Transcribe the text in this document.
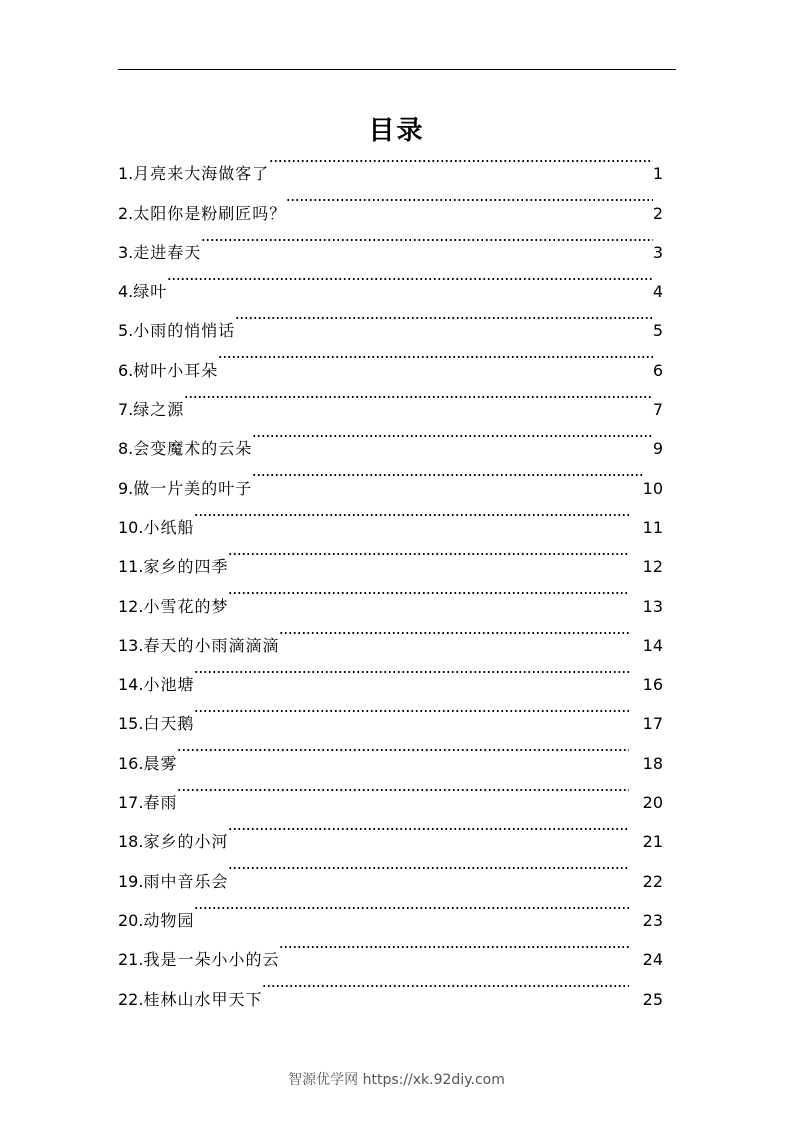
目录
1. 月亮来大海做客了	1
2. 太阳你是粉刷匠吗？	2
3. 走进春天	3
4. 绿叶	4
5. 小雨的悄悄话	5
6. 树叶小耳朵	6
7. 绿之源	7
8. 会变魔术的云朵	9
9. 做一片美的叶子	10
10. 小纸船	11
11. 家乡的四季	12
12. 小雪花的梦	13
13. 春天的小雨滴滴滴	14
14. 小池塘	16
15. 白天鹅	17
16. 晨雾	18
17. 春雨	20
18. 家乡的小河	21
19. 雨中音乐会	22
20. 动物园	23
21. 我是一朵小小的云	24
22. 桂林山水甲天下	25
智源优学网 https://xk.92diy.com
